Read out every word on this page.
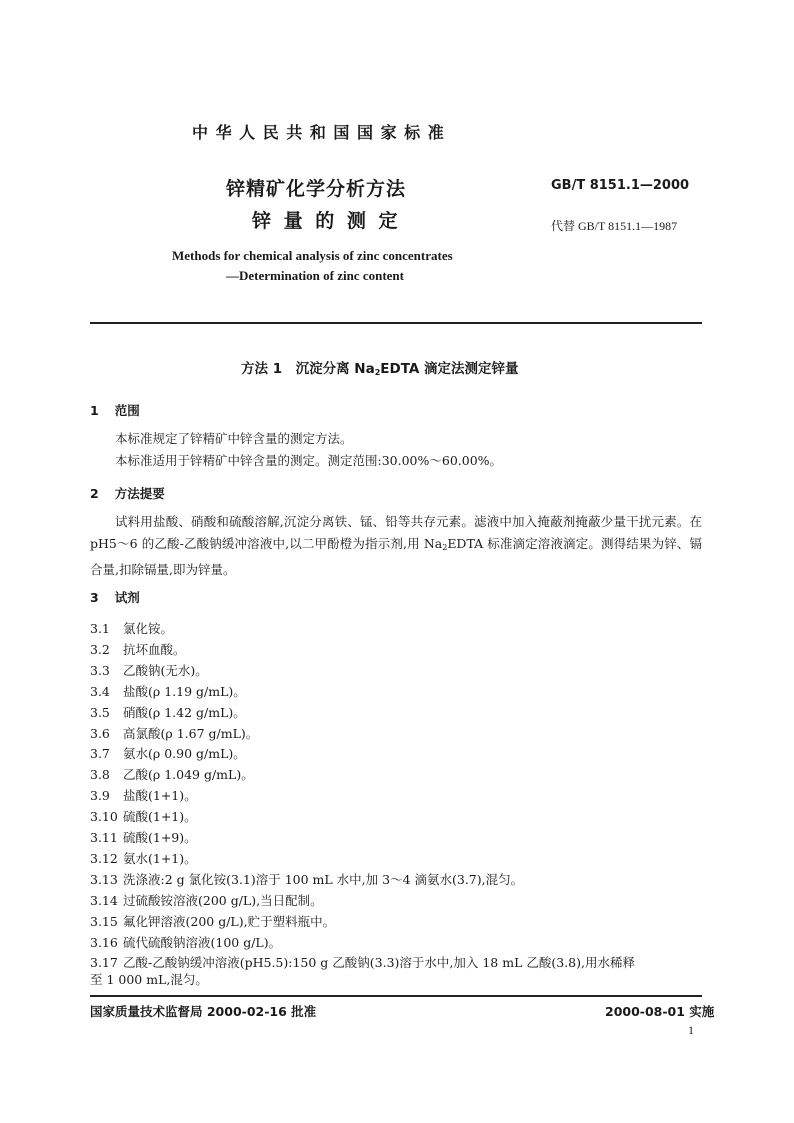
中 华 人 民 共 和 国 国 家 标 准
锌精矿化学分析方法
锌 量 的 测 定
GB/T 8151.1—2000
代替 GB/T 8151.1—1987
Methods for chemical analysis of zinc concentrates
—Determination of zinc content
方法 1　沉淀分离 $Na_2EDTA$ 滴定法测定锌量
1 范围
本标准规定了锌精矿中锌含量的测定方法。
本标准适用于锌精矿中锌含量的测定。测定范围:30.00%～60.00%。
2 方法提要
试料用盐酸、硝酸和硫酸溶解,沉淀分离铁、锰、铅等共存元素。滤液中加入掩蔽剂掩蔽少量干扰元素。在 pH5～6 的乙酸-乙酸钠缓冲溶液中,以二甲酚橙为指示剂,用 $Na_2EDTA$ 标准滴定溶液滴定。测得结果为锌、镉合量,扣除镉量,即为锌量。
3 试剂
3.1 氯化铵。
3.2 抗坏血酸。
3.3 乙酸钠(无水)。
3.4 盐酸(ρ 1.19 g/mL)。
3.5 硝酸(ρ 1.42 g/mL)。
3.6 高氯酸(ρ 1.67 g/mL)。
3.7 氨水(ρ 0.90 g/mL)。
3.8 乙酸(ρ 1.049 g/mL)。
3.9 盐酸(1+1)。
3.10 硫酸(1+1)。
3.11 硫酸(1+9)。
3.12 氨水(1+1)。
3.13 洗涤液:2 g 氯化铵(3.1)溶于 100 mL 水中,加 3～4 滴氨水(3.7),混匀。
3.14 过硫酸铵溶液(200 g/L),当日配制。
3.15 氟化钾溶液(200 g/L),贮于塑料瓶中。
3.16 硫代硫酸钠溶液(100 g/L)。
3.17 乙酸-乙酸钠缓冲溶液(pH5.5):150 g 乙酸钠(3.3)溶于水中,加入 18 mL 乙酸(3.8),用水稀释
至 1 000 mL,混匀。
国家质量技术监督局 2000-02-16 批准	2000-08-01 实施
1
